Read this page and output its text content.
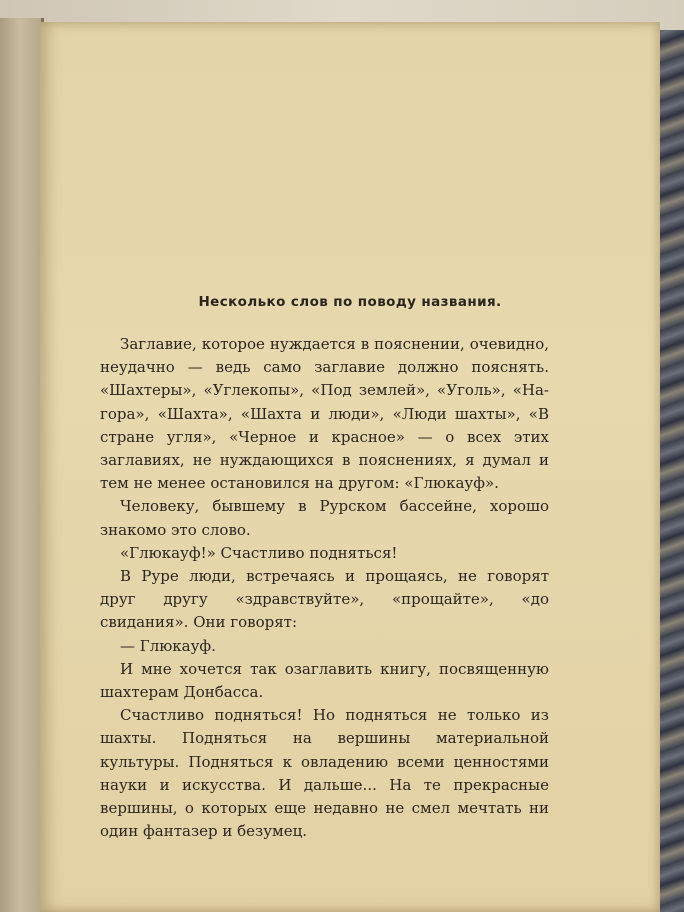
Несколько слов по поводу названия.

Заглавие, которое нуждается в пояснении, очевидно, неудачно — ведь само заглавие должно пояснять. «Шахтеры», «Углекопы», «Под землей», «Уголь», «На-гора», «Шахта», «Шахта и люди», «Люди шахты», «В стране угля», «Черное и красное» — о всех этих заглавиях, не нуждающихся в пояснениях, я думал и тем не менее остановился на другом: «Глюкауф».

Человеку, бывшему в Рурском бассейне, хорошо знакомо это слово.

«Глюкауф!» Счастливо подняться!

В Руре люди, встречаясь и прощаясь, не говорят друг другу «здравствуйте», «прощайте», «до свидания». Они говорят:

— Глюкауф.

И мне хочется так озаглавить книгу, посвященную шахтерам Донбасса.

Счастливо подняться! Но подняться не только из шахты. Подняться на вершины материальной культуры. Подняться к овладению всеми ценностями науки и искусства. И дальше... На те прекрасные вершины, о которых еще недавно не смел мечтать ни один фантазер и безумец.
